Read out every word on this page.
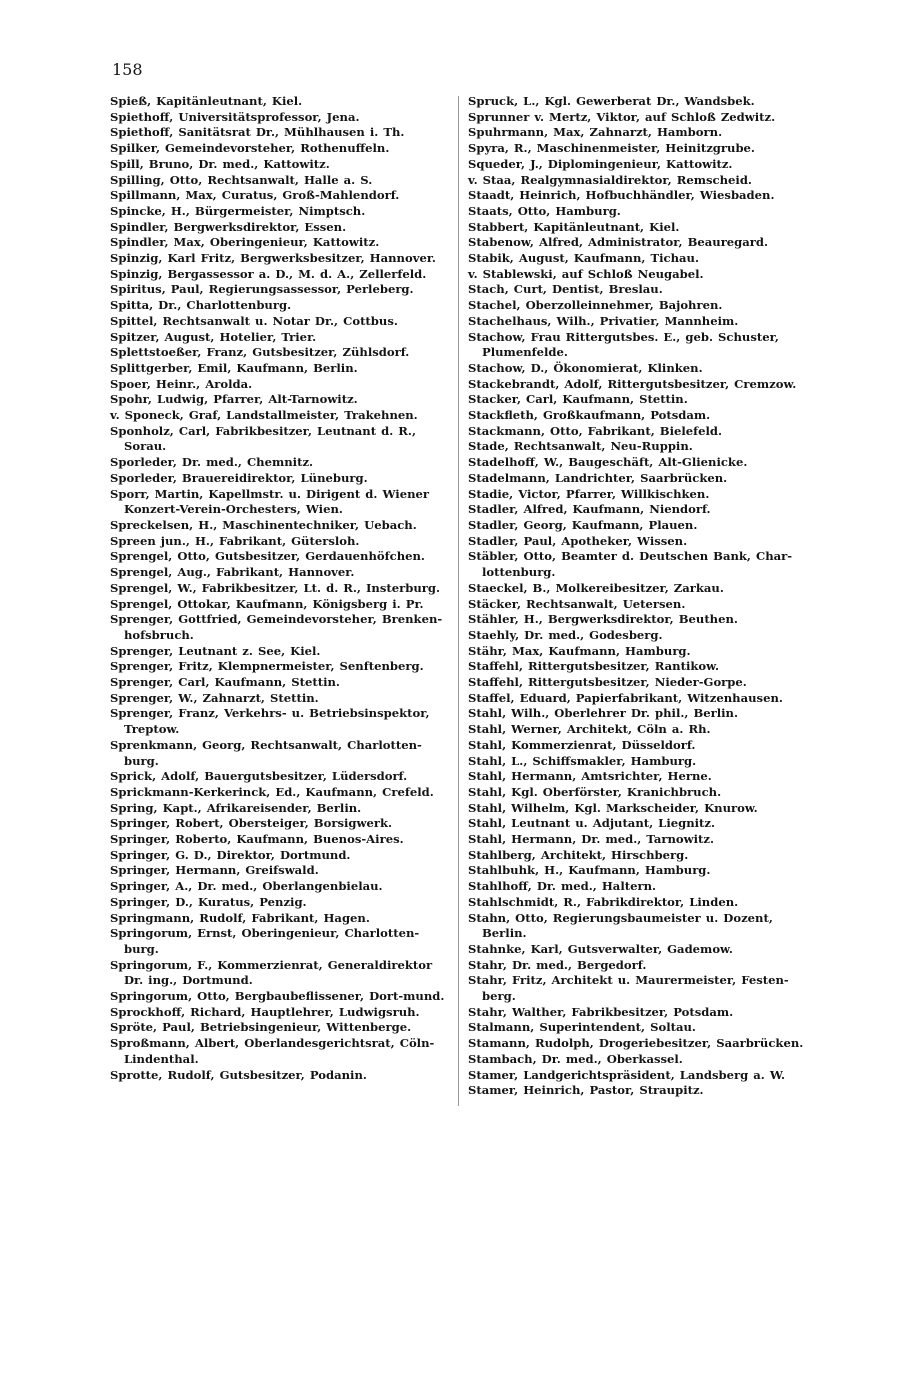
158
Spieß, Kapitänleutnant, Kiel.
Spiethoff, Universitätsprofessor, Jena.
Spiethoff, Sanitätsrat Dr., Mühlhausen i. Th.
Spilker, Gemeindevorsteher, Rothenuffeln.
Spill, Bruno, Dr. med., Kattowitz.
Spilling, Otto, Rechtsanwalt, Halle a. S.
Spillmann, Max, Curatus, Groß-Mahlendorf.
Spincke, H., Bürgermeister, Nimptsch.
Spindler, Bergwerksdirektor, Essen.
Spindler, Max, Oberingenieur, Kattowitz.
Spinzig, Karl Fritz, Bergwerksbesitzer, Hannover.
Spinzig, Bergassessor a. D., M. d. A., Zellerfeld.
Spiritus, Paul, Regierungsassessor, Perleberg.
Spitta, Dr., Charlottenburg.
Spittel, Rechtsanwalt u. Notar Dr., Cottbus.
Spitzer, August, Hotelier, Trier.
Splettstoeßer, Franz, Gutsbesitzer, Zühlsdorf.
Splittgerber, Emil, Kaufmann, Berlin.
Spoer, Heinr., Arolda.
Spohr, Ludwig, Pfarrer, Alt-Tarnowitz.
v. Sponeck, Graf, Landstallmeister, Trakehnen.
Sponholz, Carl, Fabrikbesitzer, Leutnant d. R., Sorau.
Sporleder, Dr. med., Chemnitz.
Sporleder, Brauereidirektor, Lüneburg.
Sporr, Martin, Kapellmstr. u. Dirigent d. Wiener Konzert-Verein-Orchesters, Wien.
Spreckelsen, H., Maschinentechniker, Uebach.
Spreen jun., H., Fabrikant, Gütersloh.
Sprengel, Otto, Gutsbesitzer, Gerdauenhöfchen.
Sprengel, Aug., Fabrikant, Hannover.
Sprengel, W., Fabrikbesitzer, Lt. d. R., Insterburg.
Sprengel, Ottokar, Kaufmann, Königsberg i. Pr.
Sprenger, Gottfried, Gemeindevorsteher, Brenken-hofsbruch.
Sprenger, Leutnant z. See, Kiel.
Sprenger, Fritz, Klempnermeister, Senftenberg.
Sprenger, Carl, Kaufmann, Stettin.
Sprenger, W., Zahnarzt, Stettin.
Sprenger, Franz, Verkehrs- u. Betriebsinspektor, Treptow.
Sprenkmann, Georg, Rechtsanwalt, Charlotten-burg.
Sprick, Adolf, Bauergutsbesitzer, Lüdersdorf.
Sprickmann-Kerkerinck, Ed., Kaufmann, Crefeld.
Spring, Kapt., Afrikareisender, Berlin.
Springer, Robert, Obersteiger, Borsigwerk.
Springer, Roberto, Kaufmann, Buenos-Aires.
Springer, G. D., Direktor, Dortmund.
Springer, Hermann, Greifswald.
Springer, A., Dr. med., Oberlangenbielau.
Springer, D., Kuratus, Penzig.
Springmann, Rudolf, Fabrikant, Hagen.
Springorum, Ernst, Oberingenieur, Charlotten-burg.
Springorum, F., Kommerzienrat, Generaldirektor Dr. ing., Dortmund.
Springorum, Otto, Bergbaubeflissener, Dort-mund.
Sprockhoff, Richard, Hauptlehrer, Ludwigsruh.
Spröte, Paul, Betriebsingenieur, Wittenberge.
Sproßmann, Albert, Oberlandesgerichtsrat, Cöln-Lindenthal.
Sprotte, Rudolf, Gutsbesitzer, Podanin.
Spruck, L., Kgl. Gewerberat Dr., Wandsbek.
Sprunner v. Mertz, Viktor, auf Schloß Zedwitz.
Spuhrmann, Max, Zahnarzt, Hamborn.
Spyra, R., Maschinenmeister, Heinitzgrube.
Squeder, J., Diplomingenieur, Kattowitz.
v. Staa, Realgymnasialdirektor, Remscheid.
Staadt, Heinrich, Hofbuchhändler, Wiesbaden.
Staats, Otto, Hamburg.
Stabbert, Kapitänleutnant, Kiel.
Stabenow, Alfred, Administrator, Beauregard.
Stabik, August, Kaufmann, Tichau.
v. Stablewski, auf Schloß Neugabel.
Stach, Curt, Dentist, Breslau.
Stachel, Oberzolleinnehmer, Bajohren.
Stachelhaus, Wilh., Privatier, Mannheim.
Stachow, Frau Rittergutsbes. E., geb. Schuster, Plumenfelde.
Stachow, D., Ökonomierat, Klinken.
Stackebrandt, Adolf, Rittergutsbesitzer, Cremzow.
Stacker, Carl, Kaufmann, Stettin.
Stackfleth, Großkaufmann, Potsdam.
Stackmann, Otto, Fabrikant, Bielefeld.
Stade, Rechtsanwalt, Neu-Ruppin.
Stadelhoff, W., Baugeschäft, Alt-Glienicke.
Stadelmann, Landrichter, Saarbrücken.
Stadie, Victor, Pfarrer, Willkischken.
Stadler, Alfred, Kaufmann, Niendorf.
Stadler, Georg, Kaufmann, Plauen.
Stadler, Paul, Apotheker, Wissen.
Stäbler, Otto, Beamter d. Deutschen Bank, Char-lottenburg.
Staeckel, B., Molkereibesitzer, Zarkau.
Stäcker, Rechtsanwalt, Uetersen.
Stähler, H., Bergwerksdirektor, Beuthen.
Staehly, Dr. med., Godesberg.
Stähr, Max, Kaufmann, Hamburg.
Staffehl, Rittergutsbesitzer, Rantikow.
Staffehl, Rittergutsbesitzer, Nieder-Gorpe.
Staffel, Eduard, Papierfabrikant, Witzenhausen.
Stahl, Wilh., Oberlehrer Dr. phil., Berlin.
Stahl, Werner, Architekt, Cöln a. Rh.
Stahl, Kommerzienrat, Düsseldorf.
Stahl, L., Schiffsmakler, Hamburg.
Stahl, Hermann, Amtsrichter, Herne.
Stahl, Kgl. Oberförster, Kranichbruch.
Stahl, Wilhelm, Kgl. Markscheider, Knurow.
Stahl, Leutnant u. Adjutant, Liegnitz.
Stahl, Hermann, Dr. med., Tarnowitz.
Stahlberg, Architekt, Hirschberg.
Stahlbuhk, H., Kaufmann, Hamburg.
Stahlhoff, Dr. med., Haltern.
Stahlschmidt, R., Fabrikdirektor, Linden.
Stahn, Otto, Regierungsbaumeister u. Dozent, Berlin.
Stahnke, Karl, Gutsverwalter, Gademow.
Stahr, Dr. med., Bergedorf.
Stahr, Fritz, Architekt u. Maurermeister, Festen-berg.
Stahr, Walther, Fabrikbesitzer, Potsdam.
Stalmann, Superintendent, Soltau.
Stamann, Rudolph, Drogeriebesitzer, Saarbrücken.
Stambach, Dr. med., Oberkassel.
Stamer, Landgerichtspräsident, Landsberg a. W.
Stamer, Heinrich, Pastor, Straupitz.
